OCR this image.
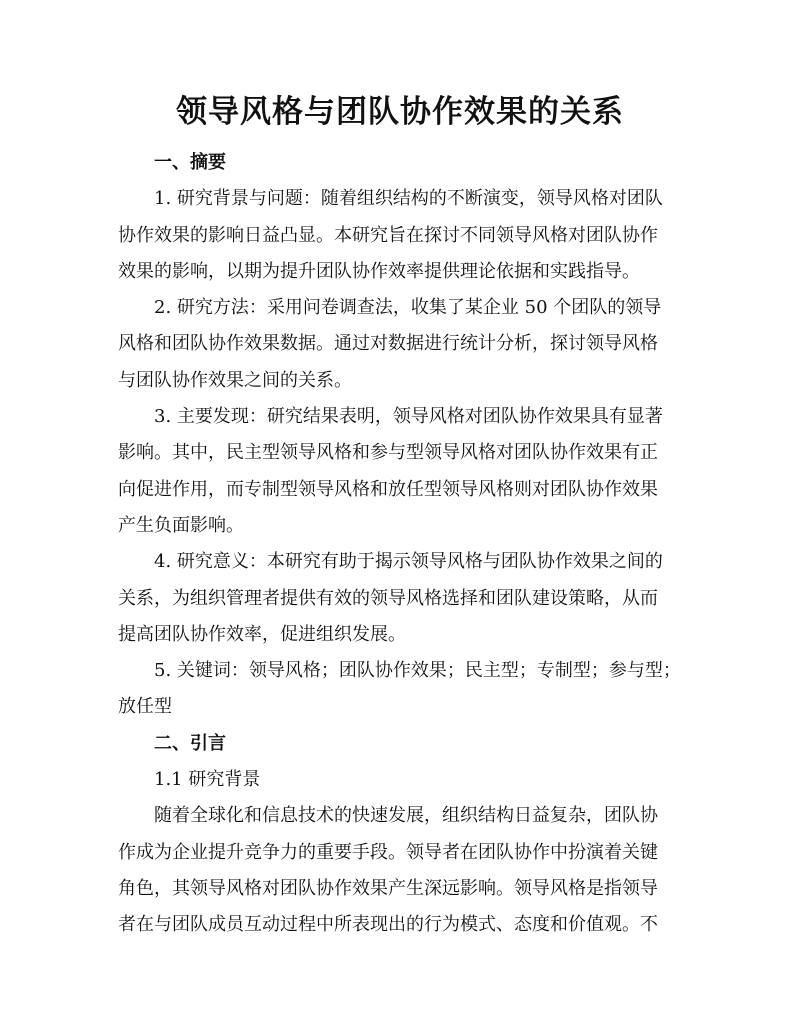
领导风格与团队协作效果的关系
一、摘要
1. 研究背景与问题：随着组织结构的不断演变，领导风格对团队
协作效果的影响日益凸显。本研究旨在探讨不同领导风格对团队协作
效果的影响，以期为提升团队协作效率提供理论依据和实践指导。
2. 研究方法：采用问卷调查法，收集了某企业 50 个团队的领导
风格和团队协作效果数据。通过对数据进行统计分析，探讨领导风格
与团队协作效果之间的关系。
3. 主要发现：研究结果表明，领导风格对团队协作效果具有显著
影响。其中，民主型领导风格和参与型领导风格对团队协作效果有正
向促进作用，而专制型领导风格和放任型领导风格则对团队协作效果
产生负面影响。
4. 研究意义：本研究有助于揭示领导风格与团队协作效果之间的
关系，为组织管理者提供有效的领导风格选择和团队建设策略，从而
提高团队协作效率，促进组织发展。
5. 关键词：领导风格；团队协作效果；民主型；专制型；参与型；
放任型
二、引言
1.1 研究背景
随着全球化和信息技术的快速发展，组织结构日益复杂，团队协
作成为企业提升竞争力的重要手段。领导者在团队协作中扮演着关键
角色，其领导风格对团队协作效果产生深远影响。领导风格是指领导
者在与团队成员互动过程中所表现出的行为模式、态度和价值观。不
